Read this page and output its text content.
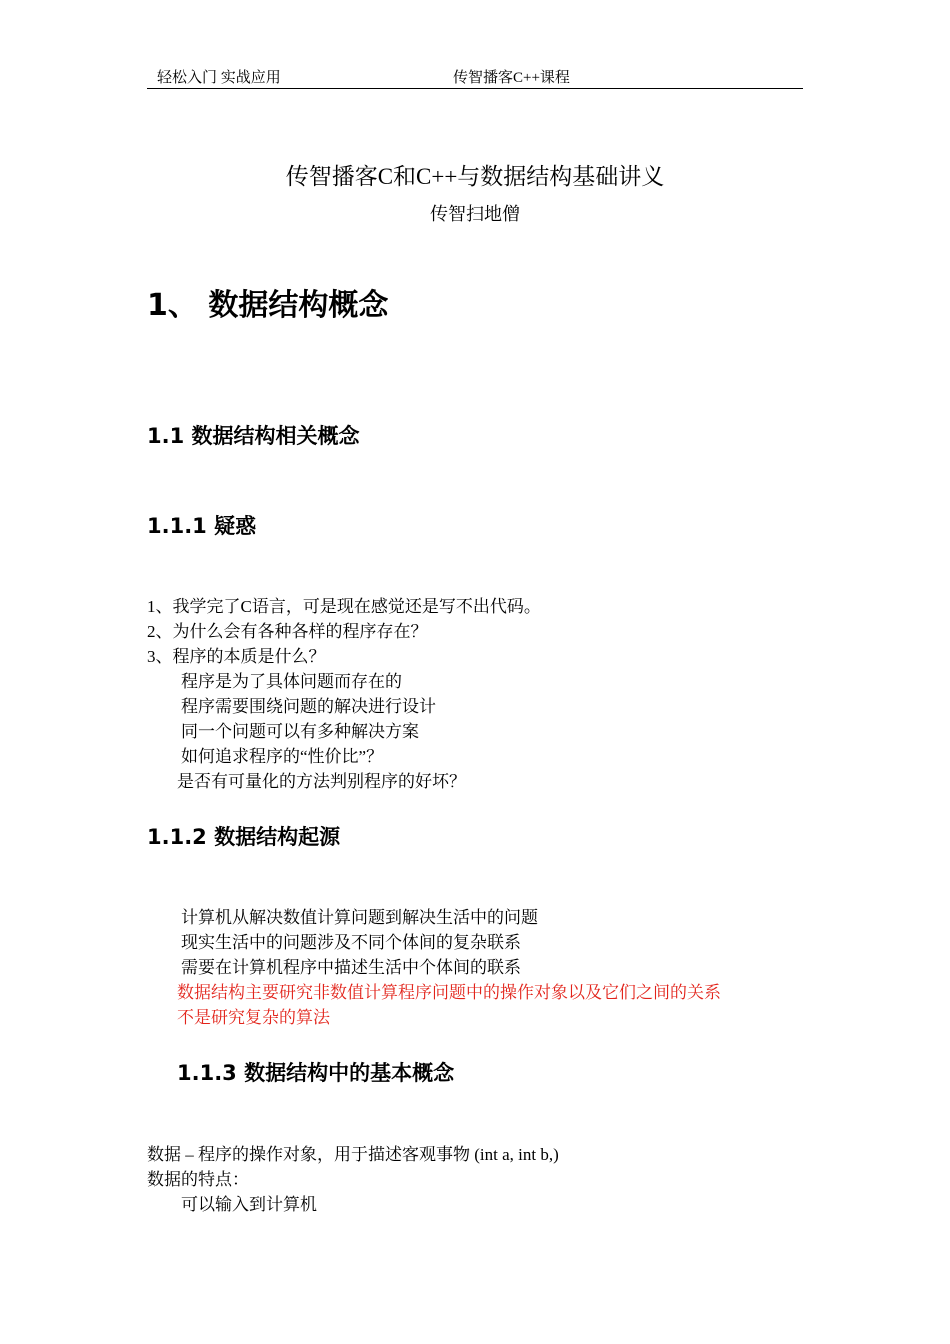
轻松入门 实战应用	传智播客C++课程
传智播客C和C++与数据结构基础讲义
传智扫地僧
1、 数据结构概念
1.1 数据结构相关概念
1.1.1 疑惑
1、我学完了C语言，可是现在感觉还是写不出代码。
2、为什么会有各种各样的程序存在？
3、程序的本质是什么？
程序是为了具体问题而存在的
程序需要围绕问题的解决进行设计
同一个问题可以有多种解决方案
如何追求程序的“性价比”？
是否有可量化的方法判别程序的好坏？
1.1.2 数据结构起源
计算机从解决数值计算问题到解决生活中的问题
现实生活中的问题涉及不同个体间的复杂联系
需要在计算机程序中描述生活中个体间的联系
数据结构主要研究非数值计算程序问题中的操作对象以及它们之间的关系
不是研究复杂的算法
1.1.3 数据结构中的基本概念
数据 – 程序的操作对象，用于描述客观事物 (int a, int b,)
数据的特点：
可以输入到计算机
